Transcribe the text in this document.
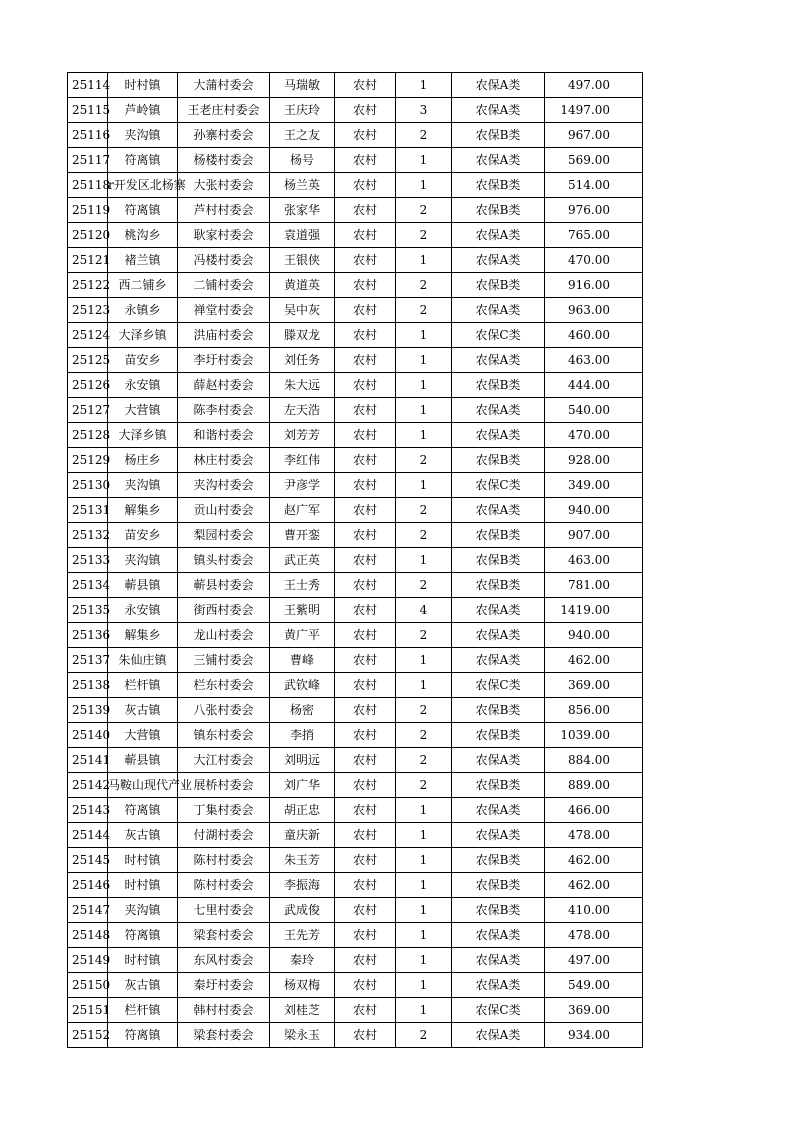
25114	时村镇	大蒲村委会	马瑞敏	农村	1	农保A类	497.00
25115	芦岭镇	王老庄村委会	王庆玲	农村	3	农保A类	1497.00
25116	夹沟镇	孙寨村委会	王之友	农村	2	农保B类	967.00
25117	符离镇	杨楼村委会	杨号	农村	1	农保A类	569.00
25118	r开发区北杨寨	大张村委会	杨兰英	农村	1	农保B类	514.00
25119	符离镇	芦村村委会	张家华	农村	2	农保B类	976.00
25120	桃沟乡	耿家村委会	袁道强	农村	2	农保A类	765.00
25121	褚兰镇	冯楼村委会	王银侠	农村	1	农保A类	470.00
25122	西二铺乡	二铺村委会	黄道英	农村	2	农保B类	916.00
25123	永镇乡	禅堂村委会	吴中灰	农村	2	农保A类	963.00
25124	大泽乡镇	洪庙村委会	滕双龙	农村	1	农保C类	460.00
25125	苗安乡	李圩村委会	刘任务	农村	1	农保A类	463.00
25126	永安镇	薛赵村委会	朱大远	农村	1	农保B类	444.00
25127	大营镇	陈李村委会	左天浩	农村	1	农保A类	540.00
25128	大泽乡镇	和谐村委会	刘芳芳	农村	1	农保A类	470.00
25129	杨庄乡	林庄村委会	李红伟	农村	2	农保B类	928.00
25130	夹沟镇	夹沟村委会	尹彦学	农村	1	农保C类	349.00
25131	解集乡	贡山村委会	赵广军	农村	2	农保A类	940.00
25132	苗安乡	梨园村委会	曹开銮	农村	2	农保B类	907.00
25133	夹沟镇	镇头村委会	武正英	农村	1	农保B类	463.00
25134	蕲县镇	蕲县村委会	王士秀	农村	2	农保B类	781.00
25135	永安镇	街西村委会	王紫明	农村	4	农保A类	1419.00
25136	解集乡	龙山村委会	黄广平	农村	2	农保A类	940.00
25137	朱仙庄镇	三铺村委会	曹峰	农村	1	农保A类	462.00
25138	栏杆镇	栏东村委会	武钦峰	农村	1	农保C类	369.00
25139	灰古镇	八张村委会	杨密	农村	2	农保B类	856.00
25140	大营镇	镇东村委会	李捎	农村	2	农保B类	1039.00
25141	蕲县镇	大江村委会	刘明远	农村	2	农保A类	884.00
25142	马鞍山现代产业	展桥村委会	刘广华	农村	2	农保B类	889.00
25143	符离镇	丁集村委会	胡正忠	农村	1	农保A类	466.00
25144	灰古镇	付湖村委会	童庆新	农村	1	农保A类	478.00
25145	时村镇	陈村村委会	朱玉芳	农村	1	农保B类	462.00
25146	时村镇	陈村村委会	李振海	农村	1	农保B类	462.00
25147	夹沟镇	七里村委会	武成俊	农村	1	农保B类	410.00
25148	符离镇	梁套村委会	王先芳	农村	1	农保A类	478.00
25149	时村镇	东风村委会	秦玲	农村	1	农保A类	497.00
25150	灰古镇	秦圩村委会	杨双梅	农村	1	农保A类	549.00
25151	栏杆镇	韩村村委会	刘桂芝	农村	1	农保C类	369.00
25152	符离镇	梁套村委会	梁永玉	农村	2	农保A类	934.00
